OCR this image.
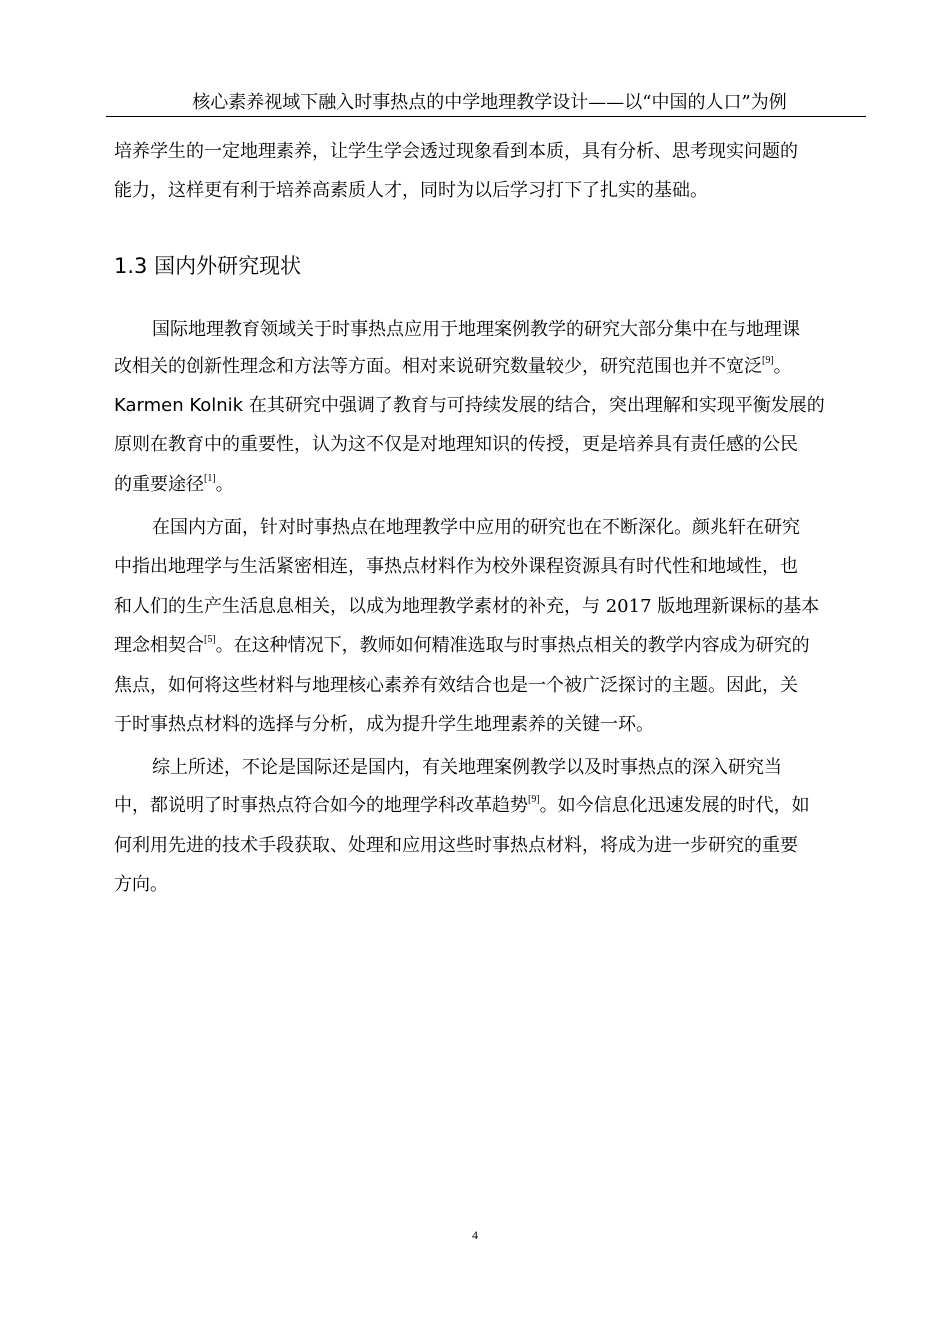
核心素养视域下融入时事热点的中学地理教学设计——以“中国的人口”为例
培养学生的一定地理素养，让学生学会透过现象看到本质，具有分析、思考现实问题的
能力，这样更有利于培养高素质人才，同时为以后学习打下了扎实的基础。
1.3 国内外研究现状
国际地理教育领域关于时事热点应用于地理案例教学的研究大部分集中在与地理课
改相关的创新性理念和方法等方面。相对来说研究数量较少，研究范围也并不宽泛[9]。
Karmen Kolnik 在其研究中强调了教育与可持续发展的结合，突出理解和实现平衡发展的
原则在教育中的重要性，认为这不仅是对地理知识的传授，更是培养具有责任感的公民
的重要途径[1]。
在国内方面，针对时事热点在地理教学中应用的研究也在不断深化。颜兆轩在研究
中指出地理学与生活紧密相连，事热点材料作为校外课程资源具有时代性和地域性，也
和人们的生产生活息息相关，以成为地理教学素材的补充，与 2017 版地理新课标的基本
理念相契合[5]。在这种情况下，教师如何精准选取与时事热点相关的教学内容成为研究的
焦点，如何将这些材料与地理核心素养有效结合也是一个被广泛探讨的主题。因此，关
于时事热点材料的选择与分析，成为提升学生地理素养的关键一环。
综上所述，不论是国际还是国内，有关地理案例教学以及时事热点的深入研究当
中，都说明了时事热点符合如今的地理学科改革趋势[9]。如今信息化迅速发展的时代，如
何利用先进的技术手段获取、处理和应用这些时事热点材料，将成为进一步研究的重要
方向。
4
